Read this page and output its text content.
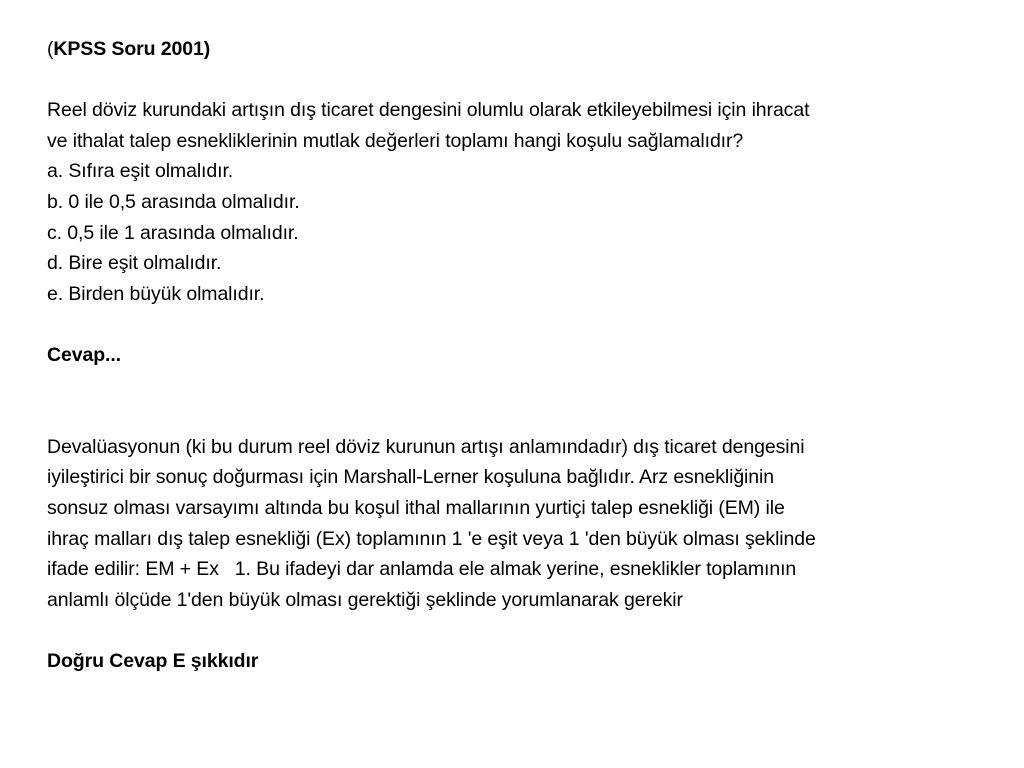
(KPSS Soru 2001)
Reel döviz kurundaki artışın dış ticaret dengesini olumlu olarak etkileyebilmesi için ihracat
ve ithalat talep esnekliklerinin mutlak değerleri toplamı hangi koşulu sağlamalıdır?
a. Sıfıra eşit olmalıdır.
b. 0 ile 0,5 arasında olmalıdır.
c. 0,5 ile 1 arasında olmalıdır.
d. Bire eşit olmalıdır.
e. Birden büyük olmalıdır.
Cevap...
Devalüasyonun (ki bu durum reel döviz kurunun artışı anlamındadır) dış ticaret dengesini
iyileştirici bir sonuç doğurması için Marshall-Lerner koşuluna bağlıdır. Arz esnekliğinin
sonsuz olması varsayımı altında bu koşul ithal mallarının yurtiçi talep esnekliği (EM) ile
ihraç malları dış talep esnekliği (Ex) toplamının 1 'e eşit veya 1 'den büyük olması şeklinde
ifade edilir: EM + Ex   1. Bu ifadeyi dar anlamda ele almak yerine, esneklikler toplamının
anlamlı ölçüde 1'den büyük olması gerektiği şeklinde yorumlanarak gerekir
Doğru Cevap E şıkkıdır
